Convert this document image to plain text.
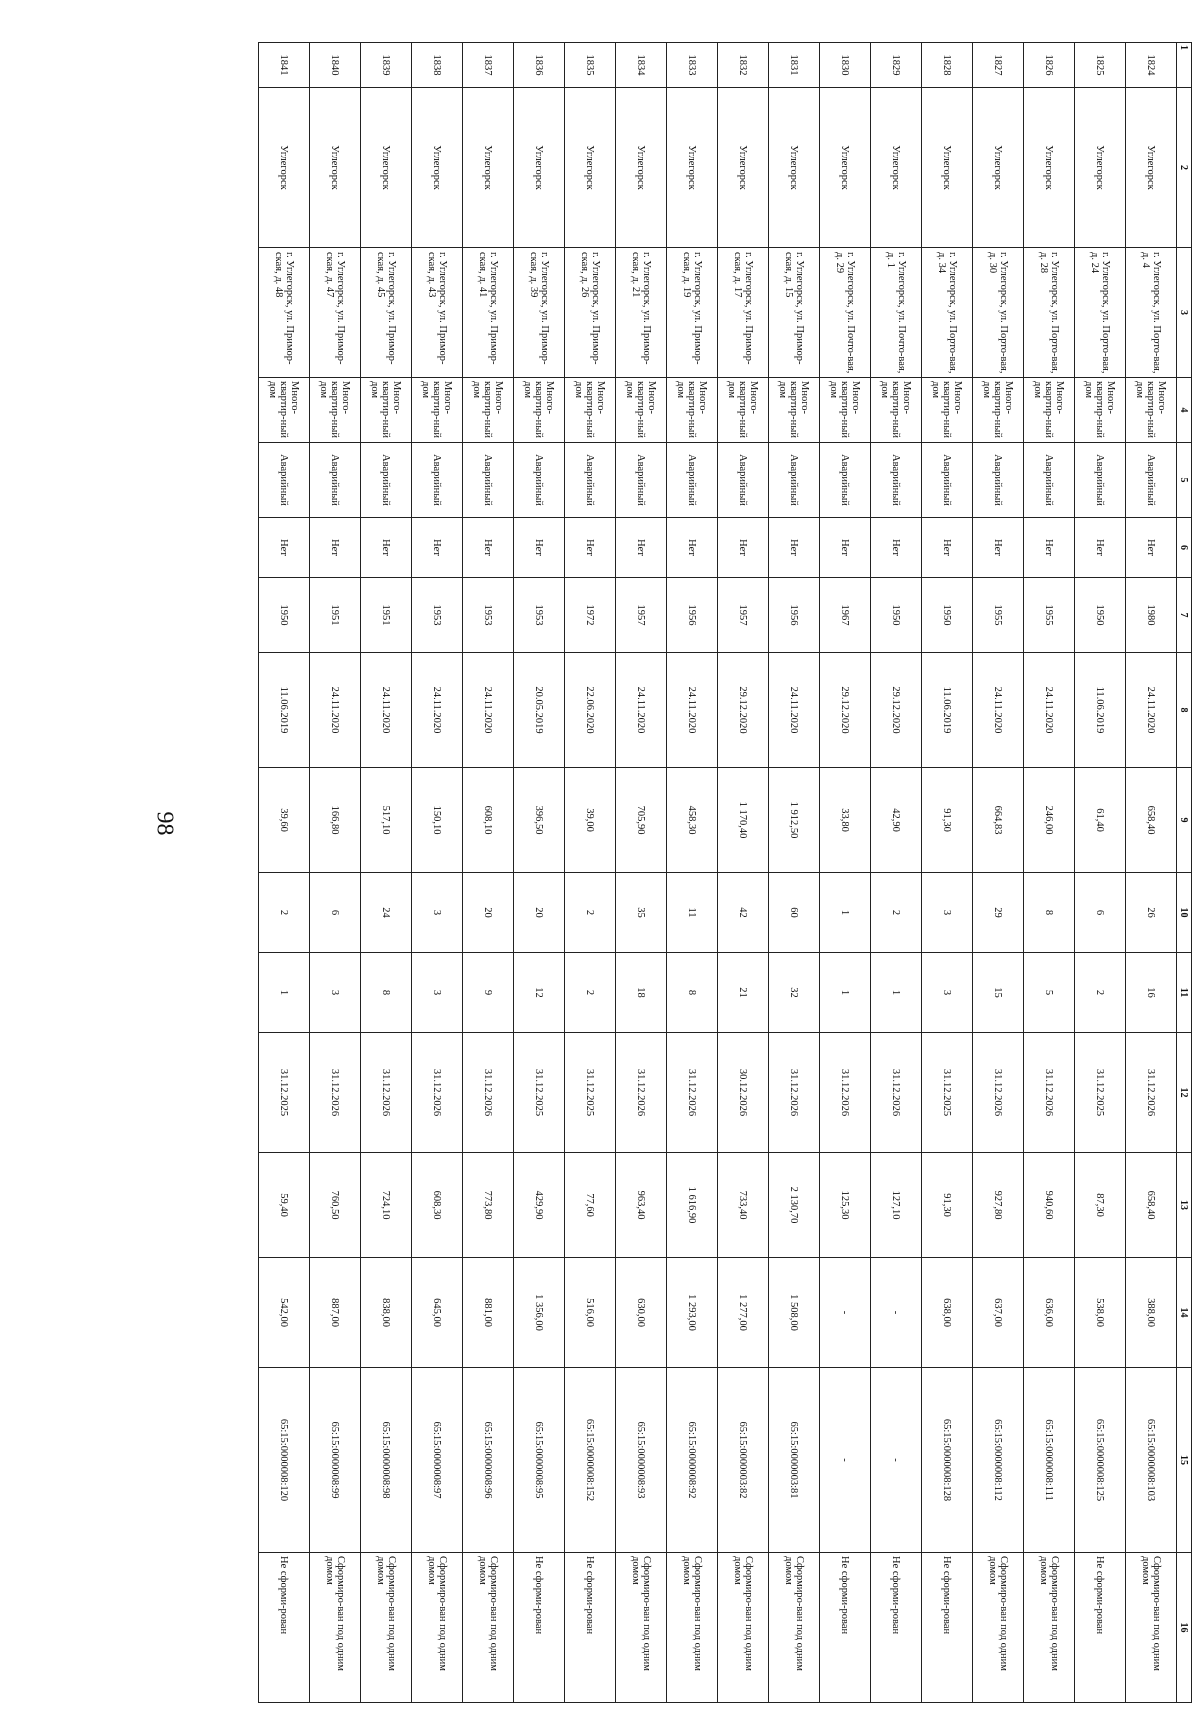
98
1	2	3	4	5	6	7	8	9	10	11	12	13	14	15	16
1824	Углегорск	г. Углегорск, ул. Порто-вая, д. 4	Много-квартир-ный дом	Аварийный	Нет	1980	24.11.2020	658,40	26	16	31.12.2026	658,40	388,00	65:15:0000008:103	Сформиро-ван под одним домом
1825	Углегорск	г. Углегорск, ул. Порто-вая, д. 24	Много-квартир-ный дом	Аварийный	Нет	1950	11.06.2019	61,40	6	2	31.12.2025	87,30	538,00	65:15:0000008:125	Не сформи-рован
1826	Углегорск	г. Углегорск, ул. Порто-вая, д. 28	Много-квартир-ный дом	Аварийный	Нет	1955	24.11.2020	246,00	8	5	31.12.2026	940,60	636,00	65:15:0000008:111	Сформиро-ван под одним домом
1827	Углегорск	г. Углегорск, ул. Порто-вая, д. 30	Много-квартир-ный дом	Аварийный	Нет	1955	24.11.2020	664,83	29	15	31.12.2026	927,80	637,00	65:15:0000008:112	Сформиро-ван под одним домом
1828	Углегорск	г. Углегорск, ул. Порто-вая, д. 34	Много-квартир-ный дом	Аварийный	Нет	1950	11.06.2019	91,30	3	3	31.12.2025	91,30	638,00	65:15:0000008:128	Не сформи-рован
1829	Углегорск	г. Углегорск, ул. Почто-вая, д. 1	Много-квартир-ный дом	Аварийный	Нет	1950	29.12.2020	42,90	2	1	31.12.2026	127,10	-	-	Не сформи-рован
1830	Углегорск	г. Углегорск, ул. Почто-вая, д. 29	Много-квартир-ный дом	Аварийный	Нет	1967	29.12.2020	33,80	1	1	31.12.2026	125,30	-	-	Не сформи-рован
1831	Углегорск	г. Углегорск, ул. Примор-ская, д. 15	Много-квартир-ный дом	Аварийный	Нет	1956	24.11.2020	1 912,50	60	32	31.12.2026	2 130,70	1 508,00	65:15:0000003:81	Сформиро-ван под одним домом
1832	Углегорск	г. Углегорск, ул. Примор-ская, д. 17	Много-квартир-ный дом	Аварийный	Нет	1957	29.12.2020	1 170,40	42	21	30.12.2026	733,40	1 277,00	65:15:0000003:82	Сформиро-ван под одним домом
1833	Углегорск	г. Углегорск, ул. Примор-ская, д. 19	Много-квартир-ный дом	Аварийный	Нет	1956	24.11.2020	458,30	11	8	31.12.2026	1 616,90	1 293,00	65:15:0000008:92	Сформиро-ван под одним домом
1834	Углегорск	г. Углегорск, ул. Примор-ская, д. 21	Много-квартир-ный дом	Аварийный	Нет	1957	24.11.2020	705,90	35	18	31.12.2026	963,40	630,00	65:15:0000008:93	Сформиро-ван под одним домом
1835	Углегорск	г. Углегорск, ул. Примор-ская, д. 26	Много-квартир-ный дом	Аварийный	Нет	1972	22.06.2020	39,00	2	2	31.12.2025	77,60	516,00	65:15:0000008:152	Не сформи-рован
1836	Углегорск	г. Углегорск, ул. Примор-ская, д. 39	Много-квартир-ный дом	Аварийный	Нет	1953	20.05.2019	396,50	20	12	31.12.2025	429,90	1 356,00	65:15:0000008:95	Не сформи-рован
1837	Углегорск	г. Углегорск, ул. Примор-ская, д. 41	Много-квартир-ный дом	Аварийный	Нет	1953	24.11.2020	608,10	20	9	31.12.2026	773,80	881,00	65:15:0000008:96	Сформиро-ван под одним домом
1838	Углегорск	г. Углегорск, ул. Примор-ская, д. 43	Много-квартир-ный дом	Аварийный	Нет	1953	24.11.2020	150,10	3	3	31.12.2026	608,30	645,00	65:15:0000008:97	Сформиро-ван под одним домом
1839	Углегорск	г. Углегорск, ул. Примор-ская, д. 45	Много-квартир-ный дом	Аварийный	Нет	1951	24.11.2020	517,10	24	8	31.12.2026	724,10	838,00	65:15:0000008:98	Сформиро-ван под одним домом
1840	Углегорск	г. Углегорск, ул. Примор-ская, д. 47	Много-квартир-ный дом	Аварийный	Нет	1951	24.11.2020	166,80	6	3	31.12.2026	760,50	887,00	65:15:0000008:99	Сформиро-ван под одним домом
1841	Углегорск	г. Углегорск, ул. Примор-ская, д. 48	Много-квартир-ный дом	Аварийный	Нет	1950	11.06.2019	39,60	2	1	31.12.2025	59,40	542,00	65:15:0000008:120	Не сформи-рован
